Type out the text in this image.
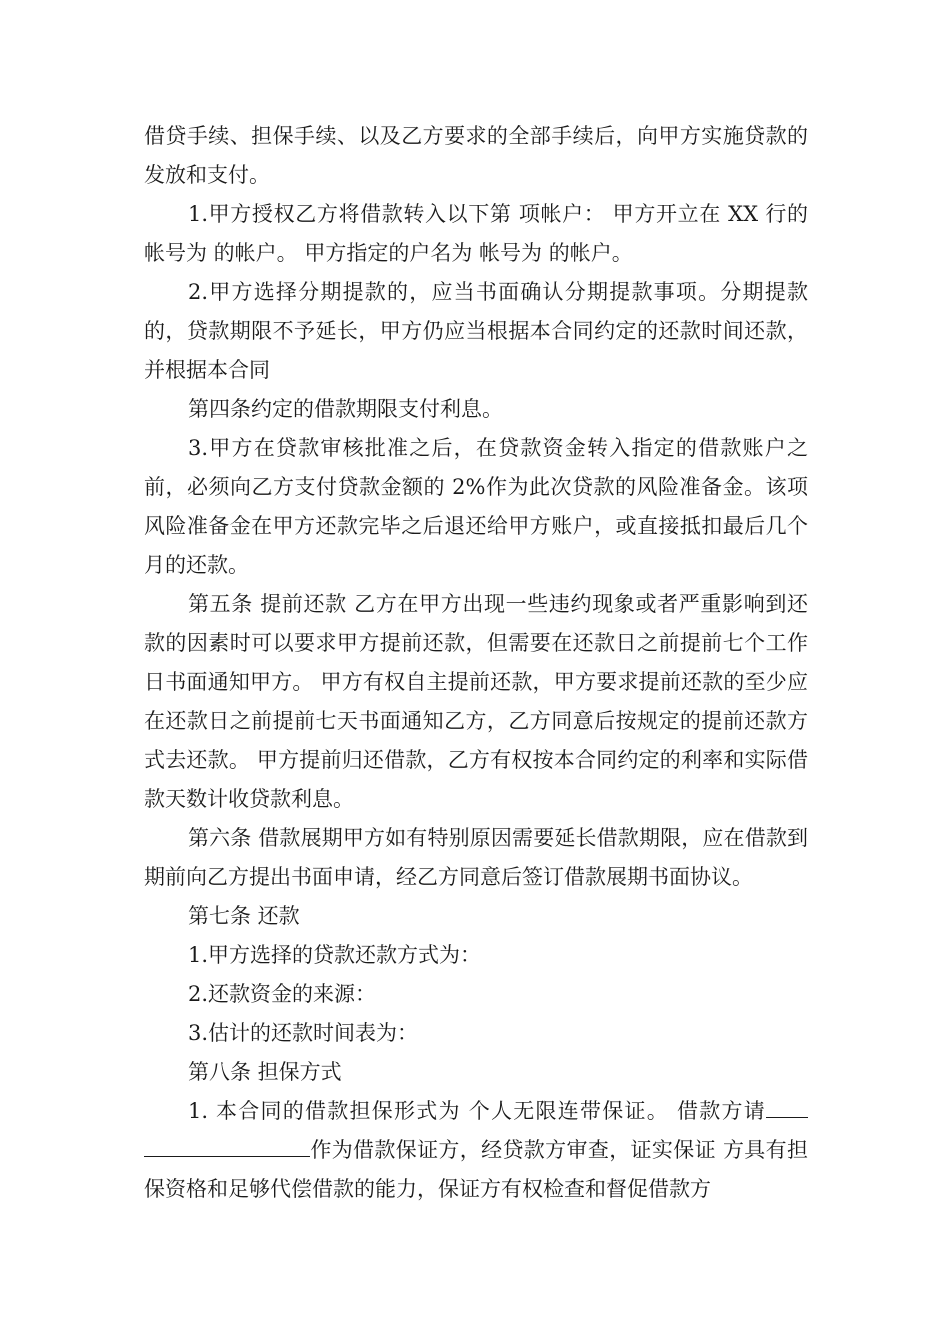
借贷手续、担保手续、以及乙方要求的全部手续后，向甲方实施贷款的发放和支付。

1.甲方授权乙方将借款转入以下第 项帐户： 甲方开立在 XX 行的帐号为 的帐户。 甲方指定的户名为 帐号为 的帐户。

2.甲方选择分期提款的，应当书面确认分期提款事项。分期提款的，贷款期限不予延长，甲方仍应当根据本合同约定的还款时间还款，并根据本合同

第四条约定的借款期限支付利息。

3.甲方在贷款审核批准之后，在贷款资金转入指定的借款账户之前，必须向乙方支付贷款金额的 2%作为此次贷款的风险准备金。该项风险准备金在甲方还款完毕之后退还给甲方账户，或直接抵扣最后几个月的还款。

第五条 提前还款 乙方在甲方出现一些违约现象或者严重影响到还款的因素时可以要求甲方提前还款，但需要在还款日之前提前七个工作日书面通知甲方。 甲方有权自主提前还款，甲方要求提前还款的至少应在还款日之前提前七天书面通知乙方，乙方同意后按规定的提前还款方式去还款。 甲方提前归还借款，乙方有权按本合同约定的利率和实际借款天数计收贷款利息。

第六条 借款展期甲方如有特别原因需要延长借款期限，应在借款到期前向乙方提出书面申请，经乙方同意后签订借款展期书面协议。

第七条 还款

1.甲方选择的贷款还款方式为：

2.还款资金的来源：

3.估计的还款时间表为：

第八条 担保方式

1. 本合同的借款担保形式为 个人无限连带保证。 借款方请作为借款保证方，经贷款方审查，证实保证 方具有担保资格和足够代偿借款的能力，保证方有权检查和督促借款方
